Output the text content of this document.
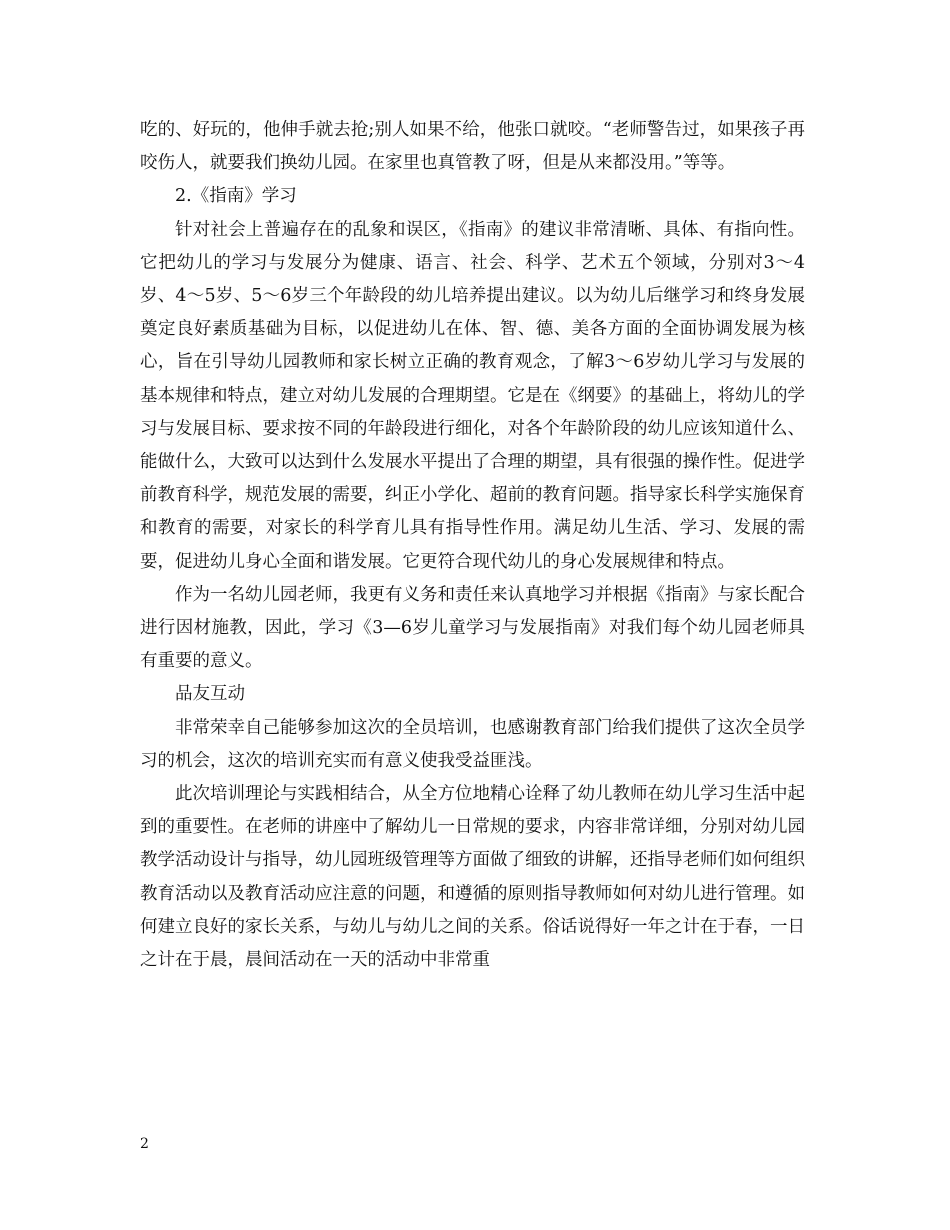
吃的、好玩的，他伸手就去抢;别人如果不给，他张口就咬。“老师警告过，如果孩子再咬伤人，就要我们换幼儿园。在家里也真管教了呀，但是从来都没用。”等等。

2.《指南》学习

针对社会上普遍存在的乱象和误区，《指南》的建议非常清晰、具体、有指向性。它把幼儿的学习与发展分为健康、语言、社会、科学、艺术五个领域，分别对3～4岁、4～5岁、5～6岁三个年龄段的幼儿培养提出建议。以为幼儿后继学习和终身发展奠定良好素质基础为目标，以促进幼儿在体、智、德、美各方面的全面协调发展为核心，旨在引导幼儿园教师和家长树立正确的教育观念，了解3～6岁幼儿学习与发展的基本规律和特点，建立对幼儿发展的合理期望。它是在《纲要》的基础上，将幼儿的学习与发展目标、要求按不同的年龄段进行细化，对各个年龄阶段的幼儿应该知道什么、能做什么，大致可以达到什么发展水平提出了合理的期望，具有很强的操作性。促进学前教育科学，规范发展的需要，纠正小学化、超前的教育问题。指导家长科学实施保育和教育的需要，对家长的科学育儿具有指导性作用。满足幼儿生活、学习、发展的需要，促进幼儿身心全面和谐发展。它更符合现代幼儿的身心发展规律和特点。

作为一名幼儿园老师，我更有义务和责任来认真地学习并根据《指南》与家长配合进行因材施教，因此，学习《3—6岁儿童学习与发展指南》对我们每个幼儿园老师具有重要的意义。

品友互动

非常荣幸自己能够参加这次的全员培训，也感谢教育部门给我们提供了这次全员学习的机会，这次的培训充实而有意义使我受益匪浅。

此次培训理论与实践相结合，从全方位地精心诠释了幼儿教师在幼儿学习生活中起到的重要性。在老师的讲座中了解幼儿一日常规的要求，内容非常详细，分别对幼儿园教学活动设计与指导，幼儿园班级管理等方面做了细致的讲解，还指导老师们如何组织教育活动以及教育活动应注意的问题，和遵循的原则指导教师如何对幼儿进行管理。如何建立良好的家长关系，与幼儿与幼儿之间的关系。俗话说得好一年之计在于春，一日之计在于晨，晨间活动在一天的活动中非常重

2
